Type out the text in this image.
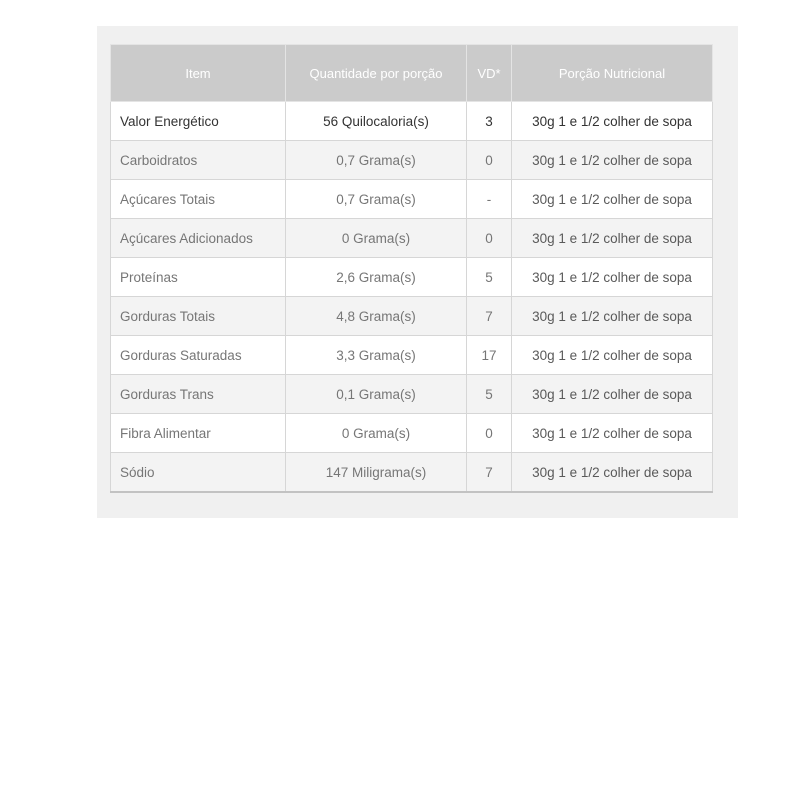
Item	Quantidade por porção	VD*	Porção Nutricional
Valor Energético	56 Quilocaloria(s)	3	30g 1 e 1/2 colher de sopa
Carboidratos	0,7 Grama(s)	0	30g 1 e 1/2 colher de sopa
Açúcares Totais	0,7 Grama(s)	-	30g 1 e 1/2 colher de sopa
Açúcares Adicionados	0 Grama(s)	0	30g 1 e 1/2 colher de sopa
Proteínas	2,6 Grama(s)	5	30g 1 e 1/2 colher de sopa
Gorduras Totais	4,8 Grama(s)	7	30g 1 e 1/2 colher de sopa
Gorduras Saturadas	3,3 Grama(s)	17	30g 1 e 1/2 colher de sopa
Gorduras Trans	0,1 Grama(s)	5	30g 1 e 1/2 colher de sopa
Fibra Alimentar	0 Grama(s)	0	30g 1 e 1/2 colher de sopa
Sódio	147 Miligrama(s)	7	30g 1 e 1/2 colher de sopa
